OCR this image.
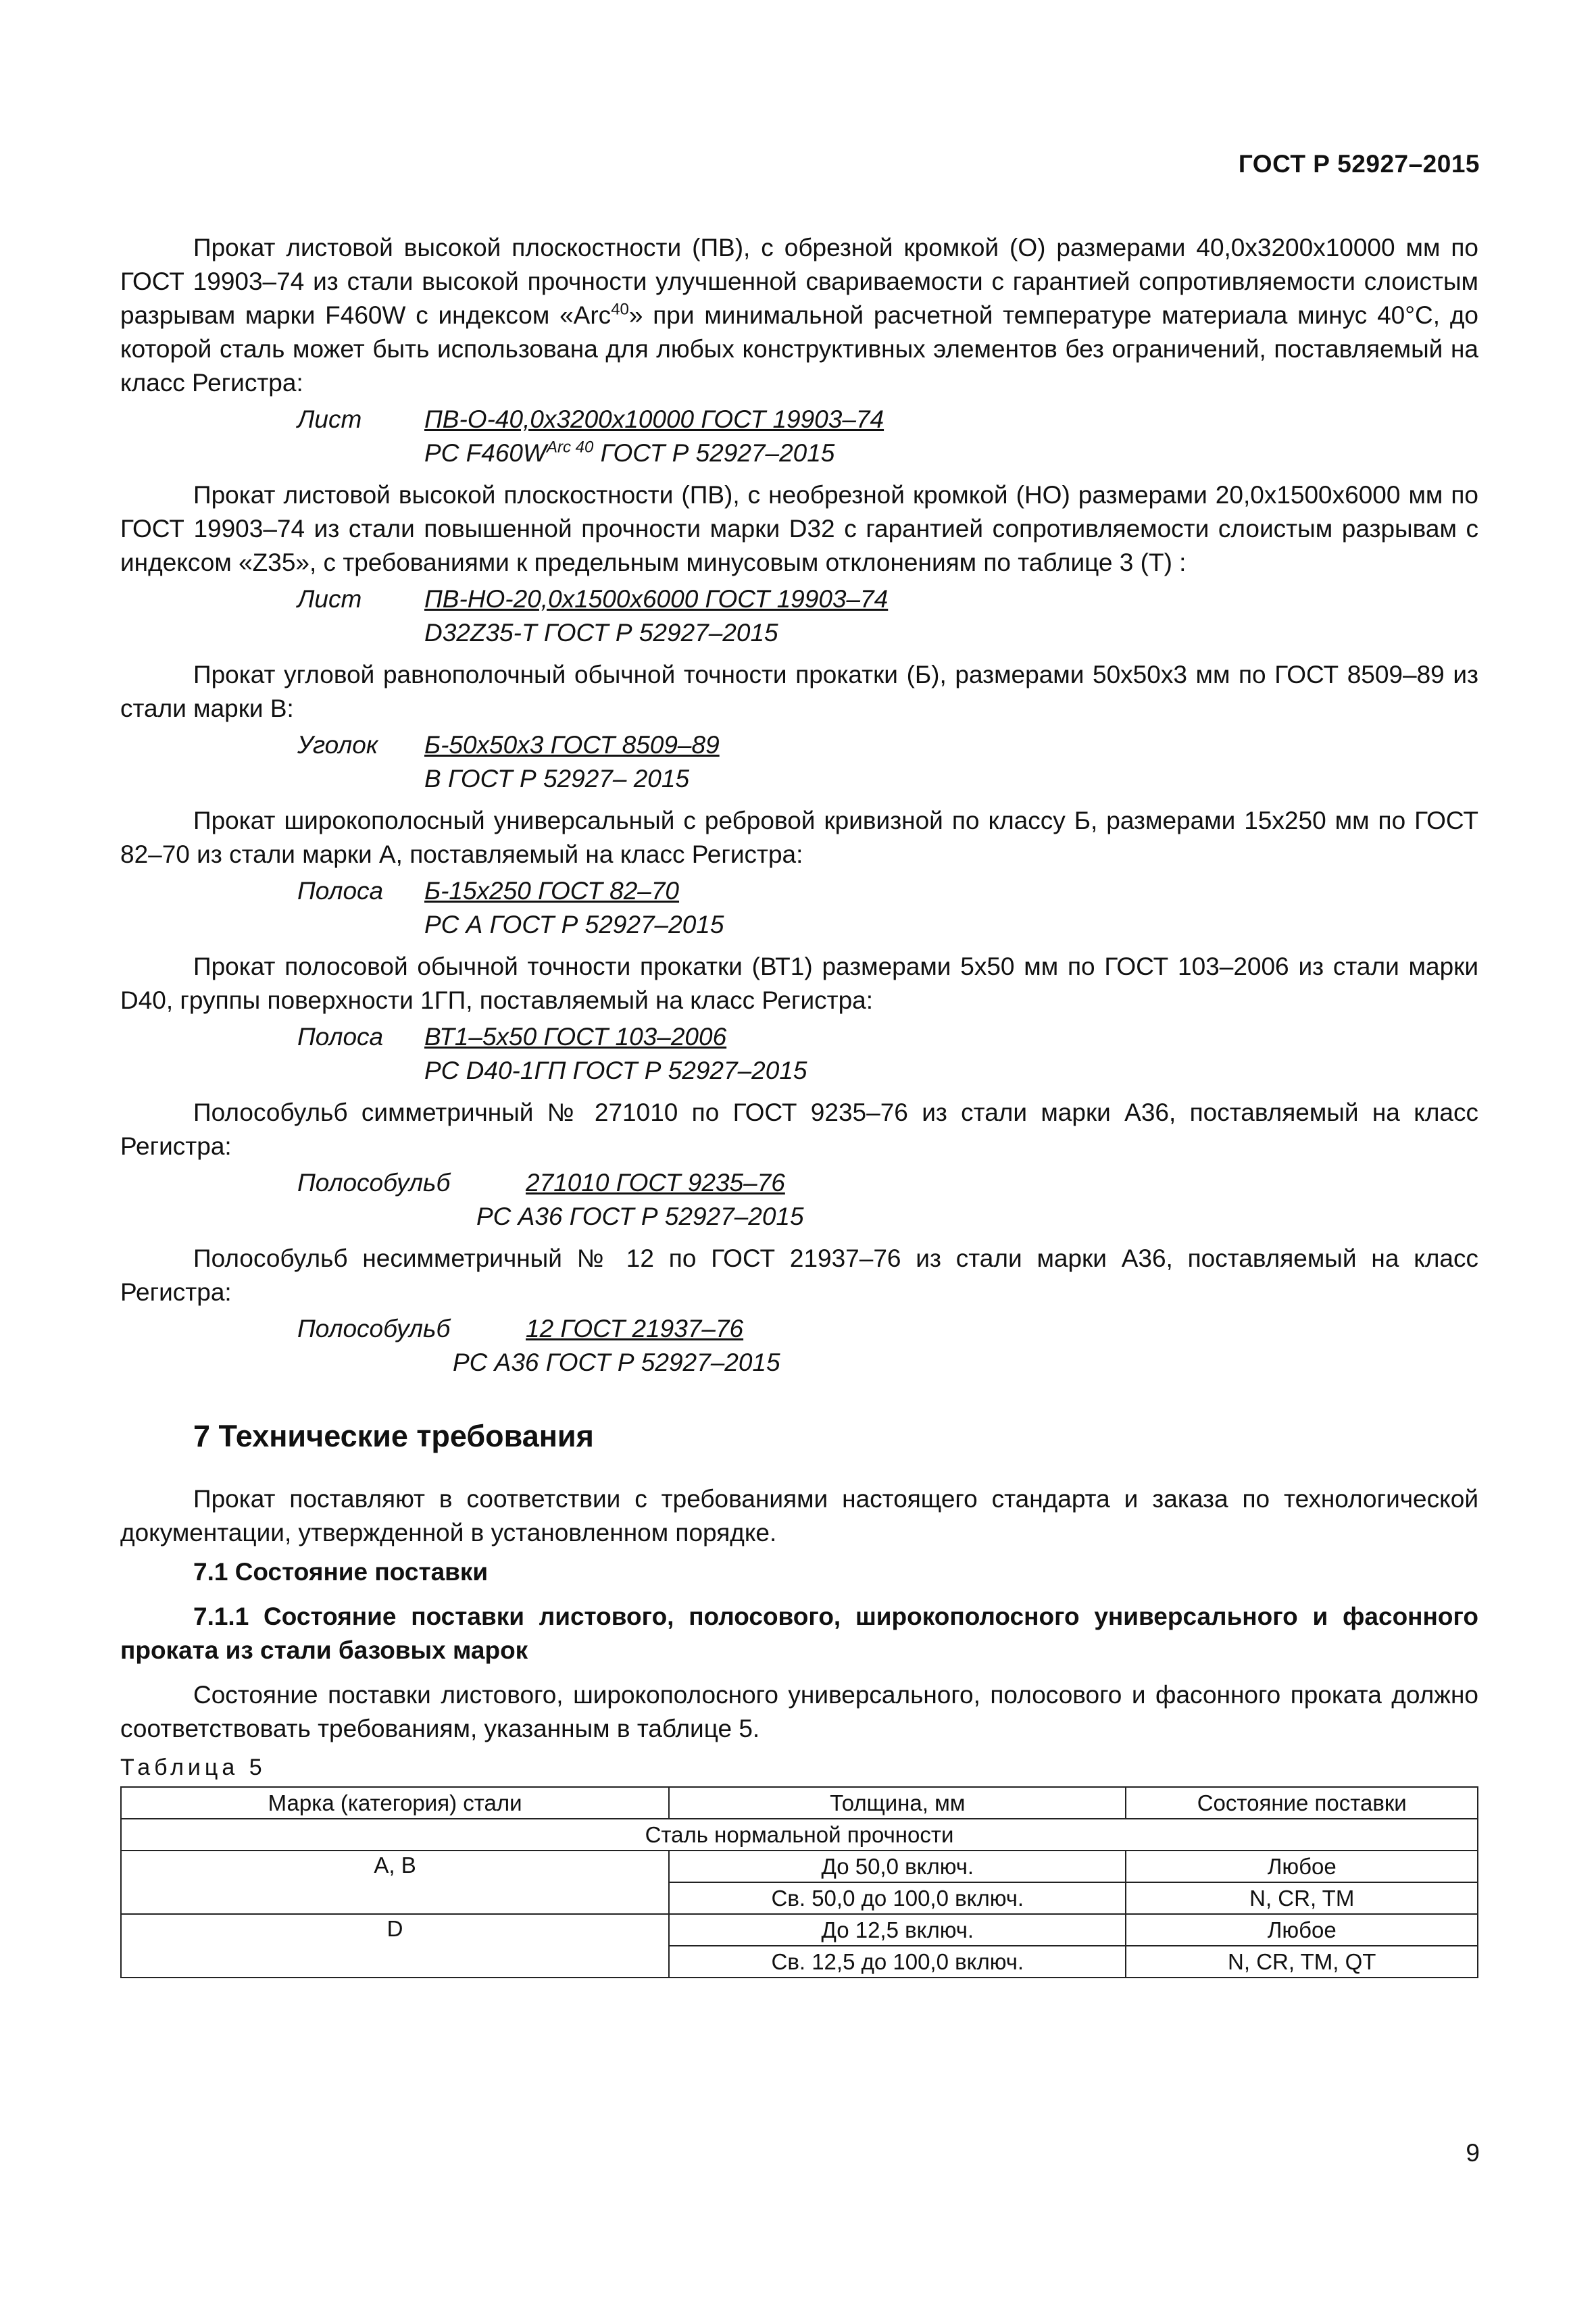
ГОСТ Р 52927–2015

Прокат листовой высокой плоскостности (ПВ), с обрезной кромкой (О) размерами 40,0х3200х10000 мм по ГОСТ 19903–74 из стали высокой прочности улучшенной свариваемости с гарантией сопротивляемости слоистым разрывам марки F460W с индексом «Arc$^{40}$» при минимальной расчетной температуре материала минус 40°С, до которой сталь может быть использована для любых конструктивных элементов без ограничений, поставляемый на класс Регистра:

Лист	ПВ-О-40,0х3200х10000 ГОСТ 19903–74
РС $F460W^{Arc 40}$ ГОСТ Р 52927–2015

Прокат листовой высокой плоскостности (ПВ), с необрезной кромкой (НО) размерами 20,0х1500х6000 мм по ГОСТ 19903–74 из стали повышенной прочности марки D32 с гарантией сопротивляемости слоистым разрывам с индексом «Z35», с требованиями к предельным минусовым отклонениям по таблице 3 (Т) :

Лист	ПВ-НО-20,0х1500х6000 ГОСТ 19903–74
D32Z35-Т ГОСТ Р 52927–2015

Прокат угловой равнополочный обычной точности прокатки (Б), размерами 50х50х3 мм по ГОСТ 8509–89 из стали марки В:

Уголок Б-50х50х3 ГОСТ 8509–89
В ГОСТ Р 52927– 2015

Прокат широкополосный универсальный с ребровой кривизной по классу Б, размерами 15х250 мм по ГОСТ 82–70 из стали марки А, поставляемый на класс Регистра:

Полоса Б-15х250 ГОСТ 82–70
РС А ГОСТ Р 52927–2015

Прокат полосовой обычной точности прокатки (ВТ1) размерами 5х50 мм по ГОСТ 103–2006 из стали марки D40, группы поверхности 1ГП, поставляемый на класс Регистра:

Полоса ВТ1–5х50 ГОСТ 103–2006
РС D40-1ГП ГОСТ Р 52927–2015

Полособульб симметричный № 271010 по ГОСТ 9235–76 из стали марки А36, поставляемый на класс Регистра:

Полособульб	271010 ГОСТ 9235–76
РС А36 ГОСТ Р 52927–2015

Полособульб несимметричный № 12 по ГОСТ 21937–76 из стали марки А36, поставляемый на класс Регистра:

Полособульб	12 ГОСТ 21937–76
РС А36 ГОСТ Р 52927–2015
7 Технические требования

Прокат поставляют в соответствии с требованиями настоящего стандарта и заказа по технологической документации, утвержденной в установленном порядке.

7.1 Состояние поставки
7.1.1 Состояние поставки листового, полосового, широкополосного универсального и фасонного проката из стали базовых марок

Состояние поставки листового, широкополосного универсального, полосового и фасонного проката должно соответствовать требованиям, указанным в таблице 5.

Таблица 5
Марка (категория) стали	Толщина, мм	Состояние поставки
Сталь нормальной прочности		
A, B	До 50,0 включ.	Любое
	Св. 50,0 до 100,0 включ.	N, CR, TM
D	До 12,5 включ.	Любое
	Св. 12,5 до 100,0 включ.	N, CR, TM, QT
9
